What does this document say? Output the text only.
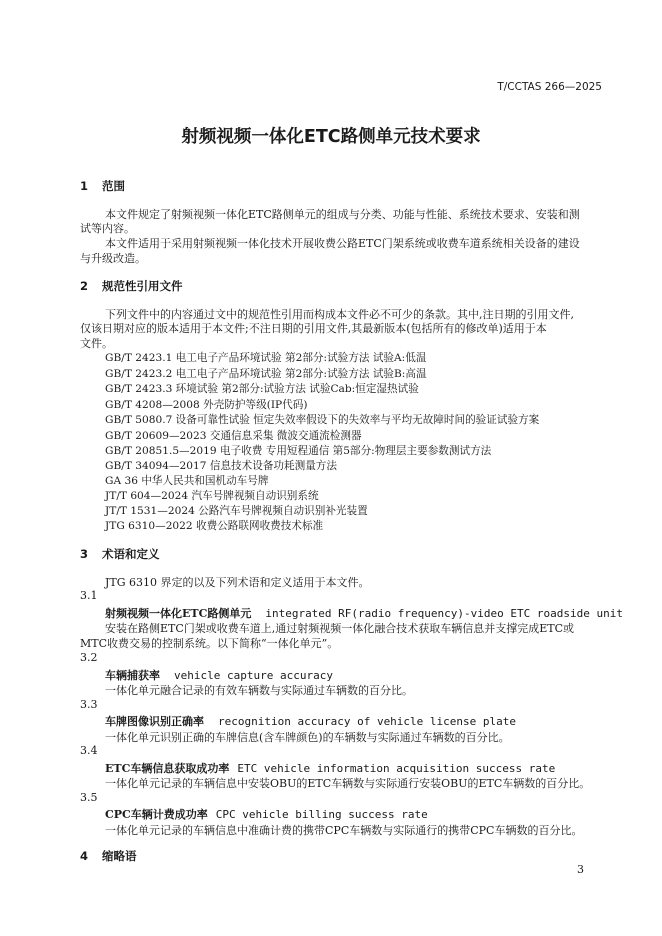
T/CCTAS 266—2025
射频视频一体化ETC路侧单元技术要求
1 范围
本文件规定了射频视频一体化ETC路侧单元的组成与分类、功能与性能、系统技术要求、安装和测
试等内容。
本文件适用于采用射频视频一体化技术开展收费公路ETC门架系统或收费车道系统相关设备的建设
与升级改造。
2 规范性引用文件
下列文件中的内容通过文中的规范性引用而构成本文件必不可少的条款。其中,注日期的引用文件,
仅该日期对应的版本适用于本文件;不注日期的引用文件,其最新版本(包括所有的修改单)适用于本
文件。
GB/T 2423.1 电工电子产品环境试验 第2部分:试验方法 试验A:低温
GB/T 2423.2 电工电子产品环境试验 第2部分:试验方法 试验B:高温
GB/T 2423.3 环境试验 第2部分:试验方法 试验Cab:恒定湿热试验
GB/T 4208—2008 外壳防护等级(IP代码)
GB/T 5080.7 设备可靠性试验 恒定失效率假设下的失效率与平均无故障时间的验证试验方案
GB/T 20609—2023 交通信息采集 微波交通流检测器
GB/T 20851.5—2019 电子收费 专用短程通信 第5部分:物理层主要参数测试方法
GB/T 34094—2017 信息技术设备功耗测量方法
GA 36 中华人民共和国机动车号牌
JT/T 604—2024 汽车号牌视频自动识别系统
JT/T 1531—2024 公路汽车号牌视频自动识别补光装置
JTG 6310—2022 收费公路联网收费技术标准
3 术语和定义
JTG 6310 界定的以及下列术语和定义适用于本文件。
3.1
射频视频一体化ETC路侧单元 integrated RF(radio frequency)-video ETC roadside unit
安装在路侧ETC门架或收费车道上,通过射频视频一体化融合技术获取车辆信息并支撑完成ETC或
MTC收费交易的控制系统。以下简称“一体化单元”。
3.2
车辆捕获率 vehicle capture accuracy
一体化单元融合记录的有效车辆数与实际通过车辆数的百分比。
3.3
车牌图像识别正确率 recognition accuracy of vehicle license plate
一体化单元识别正确的车牌信息(含车牌颜色)的车辆数与实际通过车辆数的百分比。
3.4
ETC车辆信息获取成功率 ETC vehicle information acquisition success rate
一体化单元记录的车辆信息中安装OBU的ETC车辆数与实际通行安装OBU的ETC车辆数的百分比。
3.5
CPC车辆计费成功率 CPC vehicle billing success rate
一体化单元记录的车辆信息中准确计费的携带CPC车辆数与实际通行的携带CPC车辆数的百分比。
4 缩略语
3
